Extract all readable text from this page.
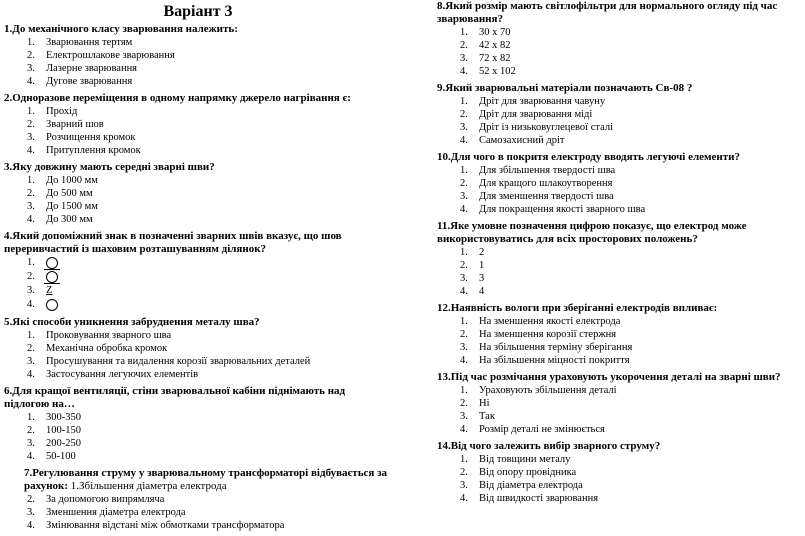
Варіант 3
1.До механічного класу зварювання належить:
1. Зварювання тертям
2. Електрошлакове зварювання
3. Лазерне зварювання
4. Дугове зварювання
2.Одноразове переміщення в одному напрямку джерело нагрівання є:
1. Прохід
2. Зварний шов
3. Розчищення кромок
4. Притуплення кромок
3.Яку довжину мають середні зварні шви?
1. До 1000 мм
2. До 500 мм
3. До 1500 мм
4. До 300 мм
4.Який допоміжний знак в позначенні зварних швів вказує, що шов переривчастий із шаховим розташуванням ділянок?
1.
2.
3. Z
4.
5.Які способи уникнення забруднення металу шва?
1. Проковування зварного шва
2. Механічна обробка кромок
3. Просушування та видалення корозії зварювальних деталей
4. Застосування легуючих елементів
6.Для кращої вентиляції, стіни зварювальної кабіни піднімають над підлогою на…
1. 300-350
2. 100-150
3. 200-250
4. 50-100
7.Регулювання струму у зварювальному трансформаторі відбувається за рахунок: 1.Збільшення діаметра електрода
2. За допомогою випрямляча
3. Зменшення діаметра електрода
4. Змінювання відстані між обмотками трансформатора
8.Який розмір мають світлофільтри для нормального огляду під час зварювання?
1. 30 х 70
2. 42 х 82
3. 72 х 82
4. 52 х 102
9.Який зварювальні матеріали позначають Св-08 ?
1. Дріт для зварювання чавуну
2. Дріт для зварювання міді
3. Дріт із низьковуглецевої сталі
4. Самозахисний дріт
10.Для чого в покритя електроду вводять легуючі елементи?
1. Для збільшення твердості шва
2. Для кращого шлакоутворення
3. Для зменшення твердості шва
4. Для покращення якості зварного шва
11.Яке умовне позначення цифрою показує, що електрод може використовуватись для всіх просторових положень?
1. 2
2. 1
3. 3
4. 4
12.Наявність вологи при зберіганні електродів впливає:
1. На зменшення якості електрода
2. На зменшення корозії стержня
3. На збільшення терміну зберігання
4. На збільшення міцності покриття
13.Під час розмічання ураховують укорочення деталі на зварні шви?
1. Ураховують збільшення деталі
2. Ні
3. Так
4. Розмір деталі не змінюється
14.Від чого залежить вибір зварного струму?
1. Від товщини металу
2. Від опору провідника
3. Від діаметра електрода
4. Від швидкості зварювання
